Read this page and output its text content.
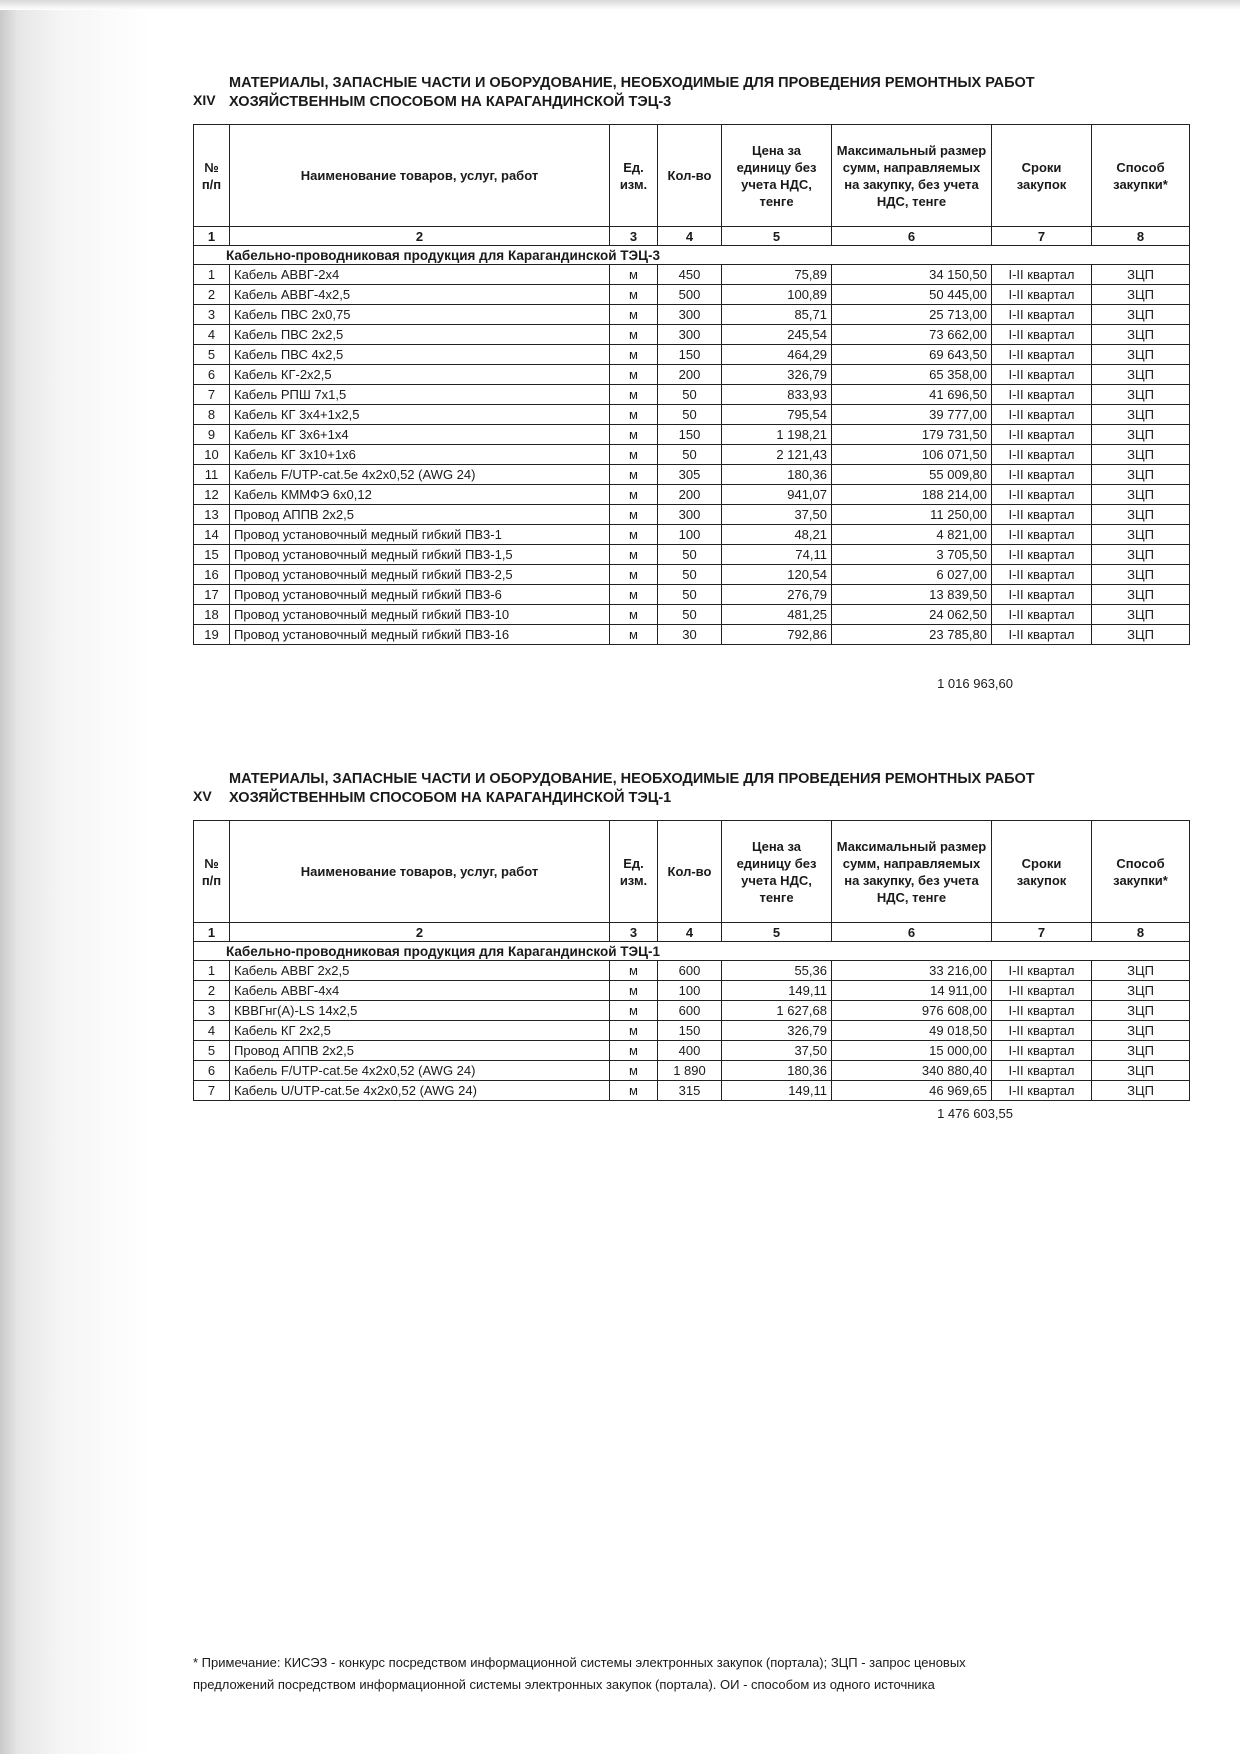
XIV
МАТЕРИАЛЫ, ЗАПАСНЫЕ ЧАСТИ И ОБОРУДОВАНИЕ, НЕОБХОДИМЫЕ ДЛЯ ПРОВЕДЕНИЯ РЕМОНТНЫХ РАБОТ
ХОЗЯЙСТВЕННЫМ СПОСОБОМ НА КАРАГАНДИНСКОЙ ТЭЦ-3
№ п/п	Наименование товаров, услуг, работ	Ед. изм.	Кол-во	Цена за единицу без учета НДС, тенге	Максимальный размер сумм, направляемых на закупку, без учета НДС, тенге	Сроки закупок	Способ закупки*
1	2	3	4	5	6	7	8
Кабельно-проводниковая продукция для Карагандинской ТЭЦ-3							
1	Кабель АВВГ-2х4	м	450	75,89	34 150,50	I-II квартал	ЗЦП
2	Кабель АВВГ-4х2,5	м	500	100,89	50 445,00	I-II квартал	ЗЦП
3	Кабель ПВС 2х0,75	м	300	85,71	25 713,00	I-II квартал	ЗЦП
4	Кабель ПВС 2х2,5	м	300	245,54	73 662,00	I-II квартал	ЗЦП
5	Кабель ПВС 4х2,5	м	150	464,29	69 643,50	I-II квартал	ЗЦП
6	Кабель КГ-2х2,5	м	200	326,79	65 358,00	I-II квартал	ЗЦП
7	Кабель РПШ 7х1,5	м	50	833,93	41 696,50	I-II квартал	ЗЦП
8	Кабель КГ 3х4+1х2,5	м	50	795,54	39 777,00	I-II квартал	ЗЦП
9	Кабель КГ 3х6+1х4	м	150	1 198,21	179 731,50	I-II квартал	ЗЦП
10	Кабель КГ 3х10+1х6	м	50	2 121,43	106 071,50	I-II квартал	ЗЦП
11	Кабель F/UTP-cat.5e 4x2x0,52 (AWG 24)	м	305	180,36	55 009,80	I-II квартал	ЗЦП
12	Кабель КММФЭ 6х0,12	м	200	941,07	188 214,00	I-II квартал	ЗЦП
13	Провод АППВ 2х2,5	м	300	37,50	11 250,00	I-II квартал	ЗЦП
14	Провод установочный медный гибкий ПВ3-1	м	100	48,21	4 821,00	I-II квартал	ЗЦП
15	Провод установочный медный гибкий ПВ3-1,5	м	50	74,11	3 705,50	I-II квартал	ЗЦП
16	Провод установочный медный гибкий ПВ3-2,5	м	50	120,54	6 027,00	I-II квартал	ЗЦП
17	Провод установочный медный гибкий ПВ3-6	м	50	276,79	13 839,50	I-II квартал	ЗЦП
18	Провод установочный медный гибкий ПВ3-10	м	50	481,25	24 062,50	I-II квартал	ЗЦП
19	Провод установочный медный гибкий ПВ3-16	м	30	792,86	23 785,80	I-II квартал	ЗЦП
1 016 963,60
XV
МАТЕРИАЛЫ, ЗАПАСНЫЕ ЧАСТИ И ОБОРУДОВАНИЕ, НЕОБХОДИМЫЕ ДЛЯ ПРОВЕДЕНИЯ РЕМОНТНЫХ РАБОТ
ХОЗЯЙСТВЕННЫМ СПОСОБОМ НА КАРАГАНДИНСКОЙ ТЭЦ-1
№ п/п	Наименование товаров, услуг, работ	Ед. изм.	Кол-во	Цена за единицу без учета НДС, тенге	Максимальный размер сумм, направляемых на закупку, без учета НДС, тенге	Сроки закупок	Способ закупки*
1	2	3	4	5	6	7	8
Кабельно-проводниковая продукция для Карагандинской ТЭЦ-1							
1	Кабель АВВГ 2х2,5	м	600	55,36	33 216,00	I-II квартал	ЗЦП
2	Кабель АВВГ-4х4	м	100	149,11	14 911,00	I-II квартал	ЗЦП
3	КВВГнг(А)-LS 14х2,5	м	600	1 627,68	976 608,00	I-II квартал	ЗЦП
4	Кабель КГ 2х2,5	м	150	326,79	49 018,50	I-II квартал	ЗЦП
5	Провод АППВ 2х2,5	м	400	37,50	15 000,00	I-II квартал	ЗЦП
6	Кабель F/UTP-cat.5e 4x2x0,52 (AWG 24)	м	1 890	180,36	340 880,40	I-II квартал	ЗЦП
7	Кабель U/UTP-cat.5e 4x2x0,52 (AWG 24)	м	315	149,11	46 969,65	I-II квартал	ЗЦП
1 476 603,55
* Примечание: КИСЭЗ - конкурс посредством информационной системы электронных закупок (портала); ЗЦП - запрос ценовых
предложений посредством информационной системы электронных закупок (портала). ОИ - способом из одного источника
